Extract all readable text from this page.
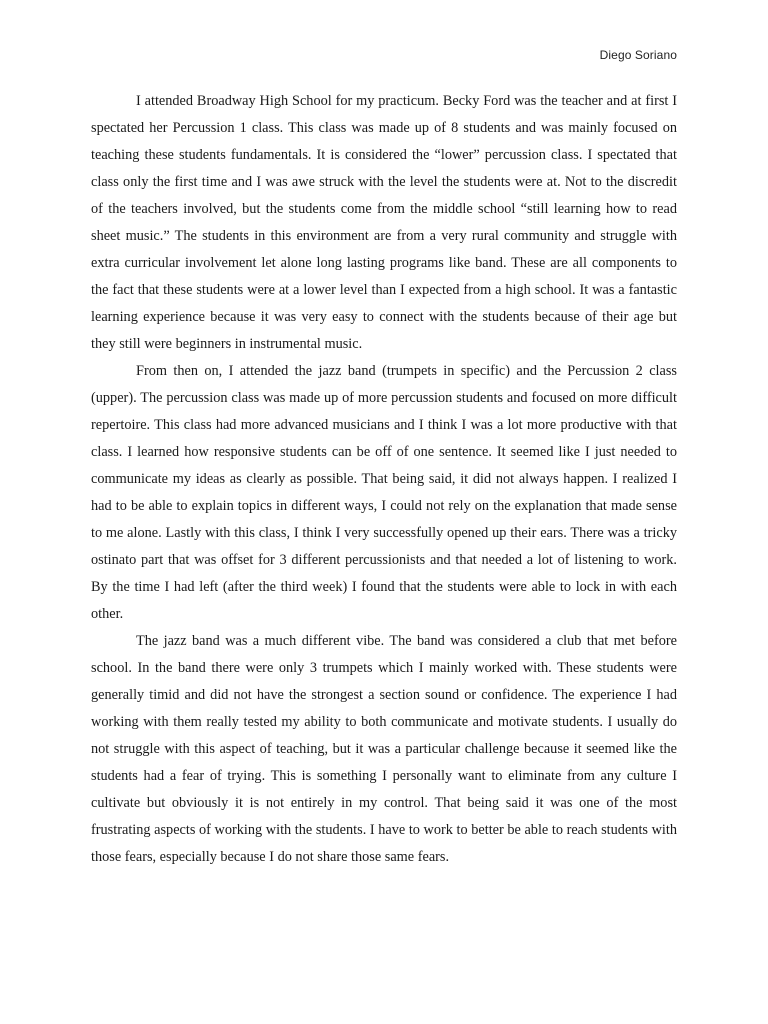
Diego Soriano

I attended Broadway High School for my practicum. Becky Ford was the teacher and at first I spectated her Percussion 1 class. This class was made up of 8 students and was mainly focused on teaching these students fundamentals. It is considered the “lower” percussion class. I spectated that class only the first time and I was awe struck with the level the students were at. Not to the discredit of the teachers involved, but the students come from the middle school “still learning how to read sheet music.” The students in this environment are from a very rural community and struggle with extra curricular involvement let alone long lasting programs like band. These are all components to the fact that these students were at a lower level than I expected from a high school. It was a fantastic learning experience because it was very easy to connect with the students because of their age but they still were beginners in instrumental music.

From then on, I attended the jazz band (trumpets in specific) and the Percussion 2 class (upper). The percussion class was made up of more percussion students and focused on more difficult repertoire. This class had more advanced musicians and I think I was a lot more productive with that class. I learned how responsive students can be off of one sentence. It seemed like I just needed to communicate my ideas as clearly as possible. That being said, it did not always happen. I realized I had to be able to explain topics in different ways, I could not rely on the explanation that made sense to me alone. Lastly with this class, I think I very successfully opened up their ears. There was a tricky ostinato part that was offset for 3 different percussionists and that needed a lot of listening to work. By the time I had left (after the third week) I found that the students were able to lock in with each other.

The jazz band was a much different vibe. The band was considered a club that met before school. In the band there were only 3 trumpets which I mainly worked with. These students were generally timid and did not have the strongest a section sound or confidence. The experience I had working with them really tested my ability to both communicate and motivate students. I usually do not struggle with this aspect of teaching, but it was a particular challenge because it seemed like the students had a fear of trying. This is something I personally want to eliminate from any culture I cultivate but obviously it is not entirely in my control. That being said it was one of the most frustrating aspects of working with the students. I have to work to better be able to reach students with those fears, especially because I do not share those same fears.
